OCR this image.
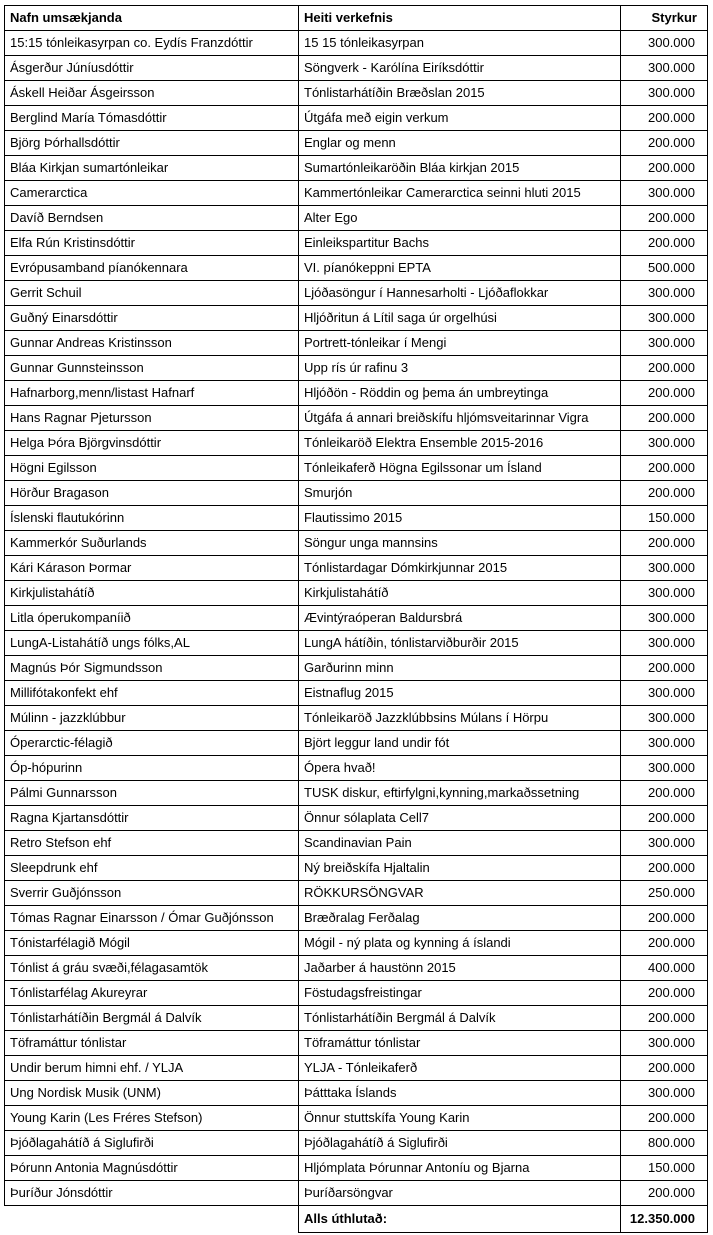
Nafn umsækjanda	Heiti verkefnis	Styrkur
15:15 tónleikasyrpan co. Eydís Franzdóttir	15 15 tónleikasyrpan	300.000
Ásgerður Júníusdóttir	Söngverk - Karólína Eiríksdóttir	300.000
Áskell Heiðar Ásgeirsson	Tónlistarhátíðin Bræðslan 2015	300.000
Berglind María Tómasdóttir	Útgáfa með eigin verkum	200.000
Björg Þórhallsdóttir	Englar og menn	200.000
Bláa Kirkjan sumartónleikar	Sumartónleikaröðin Bláa kirkjan 2015	200.000
Camerarctica	Kammertónleikar Camerarctica seinni hluti 2015	300.000
Davíð Berndsen	Alter Ego	200.000
Elfa Rún Kristinsdóttir	Einleikspartitur Bachs	200.000
Evrópusamband píanókennara	VI. píanókeppni EPTA	500.000
Gerrit Schuil	Ljóðasöngur í Hannesarholti - Ljóðaflokkar	300.000
Guðný Einarsdóttir	Hljóðritun á Lítil saga úr orgelhúsi	300.000
Gunnar Andreas Kristinsson	Portrett-tónleikar í Mengi	300.000
Gunnar Gunnsteinsson	Upp rís úr rafinu 3	200.000
Hafnarborg,menn/listast Hafnarf	Hljóðön - Röddin og þema án umbreytinga	200.000
Hans Ragnar Pjetursson	Útgáfa á annari breiðskífu hljómsveitarinnar Vigra	200.000
Helga Þóra Björgvinsdóttir	Tónleikaröð Elektra Ensemble 2015-2016	300.000
Högni Egilsson	Tónleikaferð Högna Egilssonar um Ísland	200.000
Hörður Bragason	Smurjón	200.000
Íslenski flautukórinn	Flautissimo 2015	150.000
Kammerkór Suðurlands	Söngur unga mannsins	200.000
Kári Kárason Þormar	Tónlistardagar Dómkirkjunnar 2015	300.000
Kirkjulistahátíð	Kirkjulistahátíð	300.000
Litla óperukompaníið	Ævintýraóperan Baldursbrá	300.000
LungA-Listahátíð ungs fólks,AL	LungA hátíðin, tónlistarviðburðir 2015	300.000
Magnús Þór Sigmundsson	Garðurinn minn	200.000
Millifótakonfekt ehf	Eistnaflug 2015	300.000
Múlinn - jazzklúbbur	Tónleikaröð Jazzklúbbsins Múlans í Hörpu	300.000
Óperarctic-félagið	Björt leggur land undir fót	300.000
Óp-hópurinn	Ópera hvað!	300.000
Pálmi Gunnarsson	TUSK diskur, eftirfylgni,kynning,markaðssetning	200.000
Ragna Kjartansdóttir	Önnur sólaplata Cell7	200.000
Retro Stefson ehf	Scandinavian Pain	300.000
Sleepdrunk ehf	Ný breiðskífa Hjaltalin	200.000
Sverrir Guðjónsson	RÖKKURSÖNGVAR	250.000
Tómas Ragnar Einarsson / Ómar Guðjónsson	Bræðralag Ferðalag	200.000
Tónistarfélagið Mógil	Mógil - ný plata og kynning á íslandi	200.000
Tónlist á gráu svæði,félagasamtök	Jaðarber á haustönn 2015	400.000
Tónlistarfélag Akureyrar	Föstudagsfreistingar	200.000
Tónlistarhátíðin Bergmál á Dalvík	Tónlistarhátíðin Bergmál á Dalvík	200.000
Töframáttur tónlistar	Töframáttur tónlistar	300.000
Undir berum himni ehf. / YLJA	YLJA - Tónleikaferð	200.000
Ung Nordisk Musik (UNM)	Þátttaka Íslands	300.000
Young Karin (Les Fréres Stefson)	Önnur stuttskífa Young Karin	200.000
Þjóðlagahátíð á Siglufirði	Þjóðlagahátíð á Siglufirði	800.000
Þórunn Antonia Magnúsdóttir	Hljómplata Þórunnar Antoníu og Bjarna	150.000
Þuríður Jónsdóttir	Þuríðarsöngvar	200.000
	Alls úthlutað:	12.350.000
